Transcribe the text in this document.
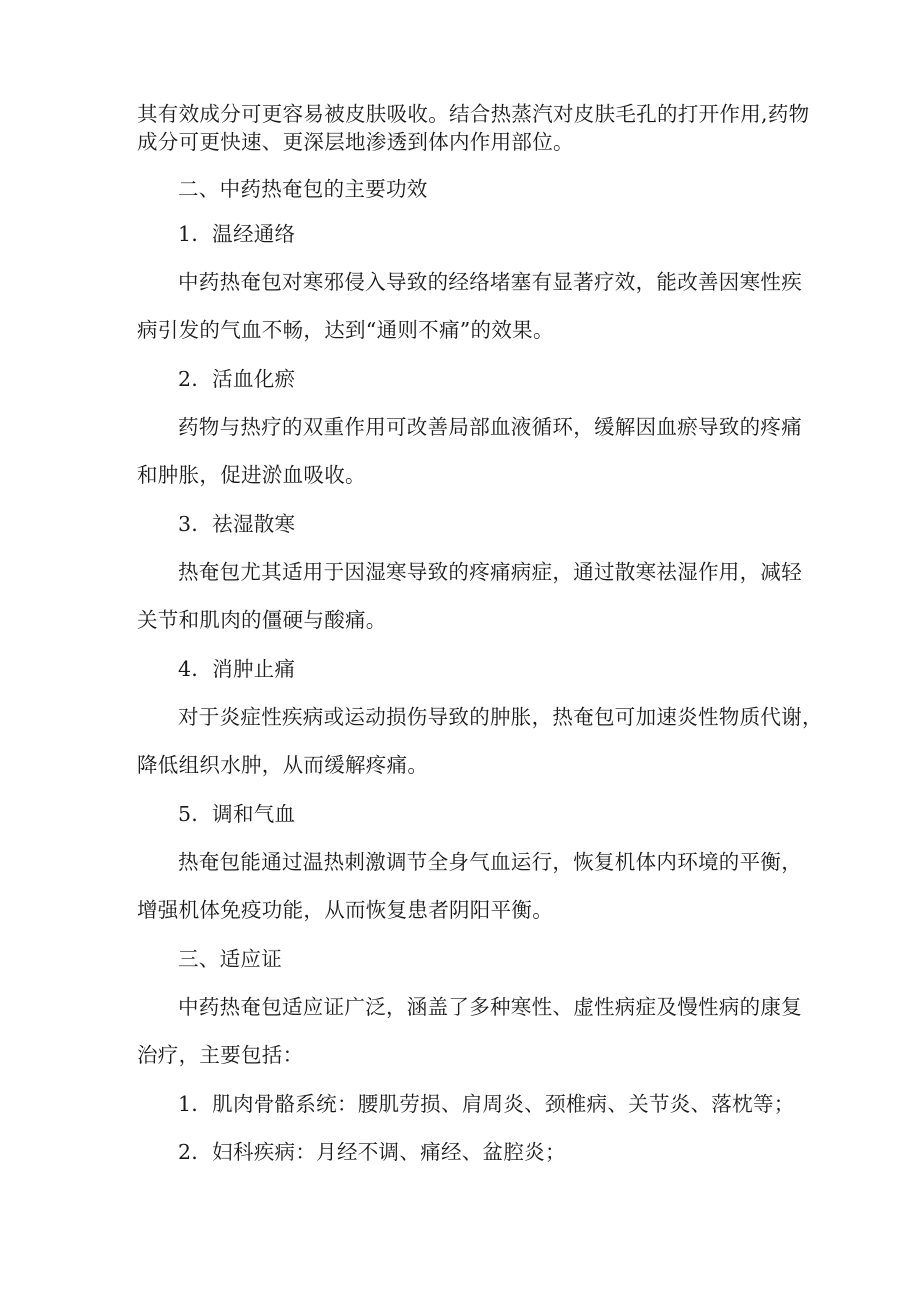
其有效成分可更容易被皮肤吸收。结合热蒸汽对皮肤毛孔的打开作用,药物
成分可更快速、更深层地渗透到体内作用部位。
二、中药热奄包的主要功效
1．温经通络
中药热奄包对寒邪侵入导致的经络堵塞有显著疗效，能改善因寒性疾
病引发的气血不畅，达到“通则不痛”的效果。
2．活血化瘀
药物与热疗的双重作用可改善局部血液循环，缓解因血瘀导致的疼痛
和肿胀，促进淤血吸收。
3．祛湿散寒
热奄包尤其适用于因湿寒导致的疼痛病症，通过散寒祛湿作用，减轻
关节和肌肉的僵硬与酸痛。
4．消肿止痛
对于炎症性疾病或运动损伤导致的肿胀，热奄包可加速炎性物质代谢，
降低组织水肿，从而缓解疼痛。
5．调和气血
热奄包能通过温热刺激调节全身气血运行，恢复机体内环境的平衡，
增强机体免疫功能，从而恢复患者阴阳平衡。
三、适应证
中药热奄包适应证广泛，涵盖了多种寒性、虚性病症及慢性病的康复
治疗，主要包括：
1．肌肉骨骼系统：腰肌劳损、肩周炎、颈椎病、关节炎、落枕等；
2．妇科疾病：月经不调、痛经、盆腔炎；
